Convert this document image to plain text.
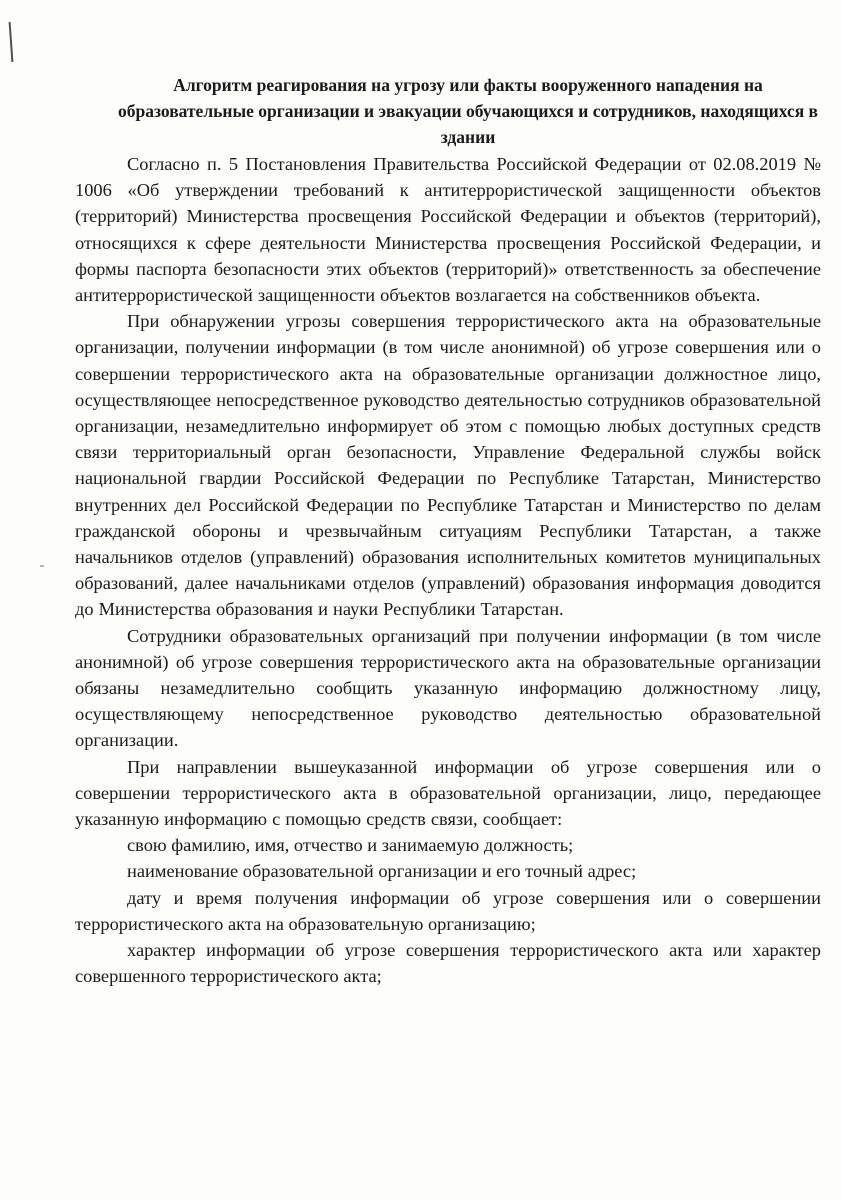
Алгоритм реагирования на угрозу или факты вооруженного нападения на образовательные организации и эвакуации обучающихся и сотрудников, находящихся в здании

Согласно п. 5 Постановления Правительства Российской Федерации от 02.08.2019 № 1006 «Об утверждении требований к антитеррористической защищенности объектов (территорий) Министерства просвещения Российской Федерации и объектов (территорий), относящихся к сфере деятельности Министерства просвещения Российской Федерации, и формы паспорта безопасности этих объектов (территорий)» ответственность за обеспечение антитеррористической защищенности объектов возлагается на собственников объекта.

При обнаружении угрозы совершения террористического акта на образовательные организации, получении информации (в том числе анонимной) об угрозе совершения или о совершении террористического акта на образовательные организации должностное лицо, осуществляющее непосредственное руководство деятельностью сотрудников образовательной организации, незамедлительно информирует об этом с помощью любых доступных средств связи территориальный орган безопасности, Управление Федеральной службы войск национальной гвардии Российской Федерации по Республике Татарстан, Министерство внутренних дел Российской Федерации по Республике Татарстан и Министерство по делам гражданской обороны и чрезвычайным ситуациям Республики Татарстан, а также начальников отделов (управлений) образования исполнительных комитетов муниципальных образований, далее начальниками отделов (управлений) образования информация доводится до Министерства образования и науки Республики Татарстан.

Сотрудники образовательных организаций при получении информации (в том числе анонимной) об угрозе совершения террористического акта на образовательные организации обязаны незамедлительно сообщить указанную информацию должностному лицу, осуществляющему непосредственное руководство деятельностью образовательной организации.

При направлении вышеуказанной информации об угрозе совершения или о совершении террористического акта в образовательной организации, лицо, передающее указанную информацию с помощью средств связи, сообщает:

свою фамилию, имя, отчество и занимаемую должность;

наименование образовательной организации и его точный адрес;

дату и время получения информации об угрозе совершения или о совершении террористического акта на образовательную организацию;

характер информации об угрозе совершения террористического акта или характер совершенного террористического акта;
